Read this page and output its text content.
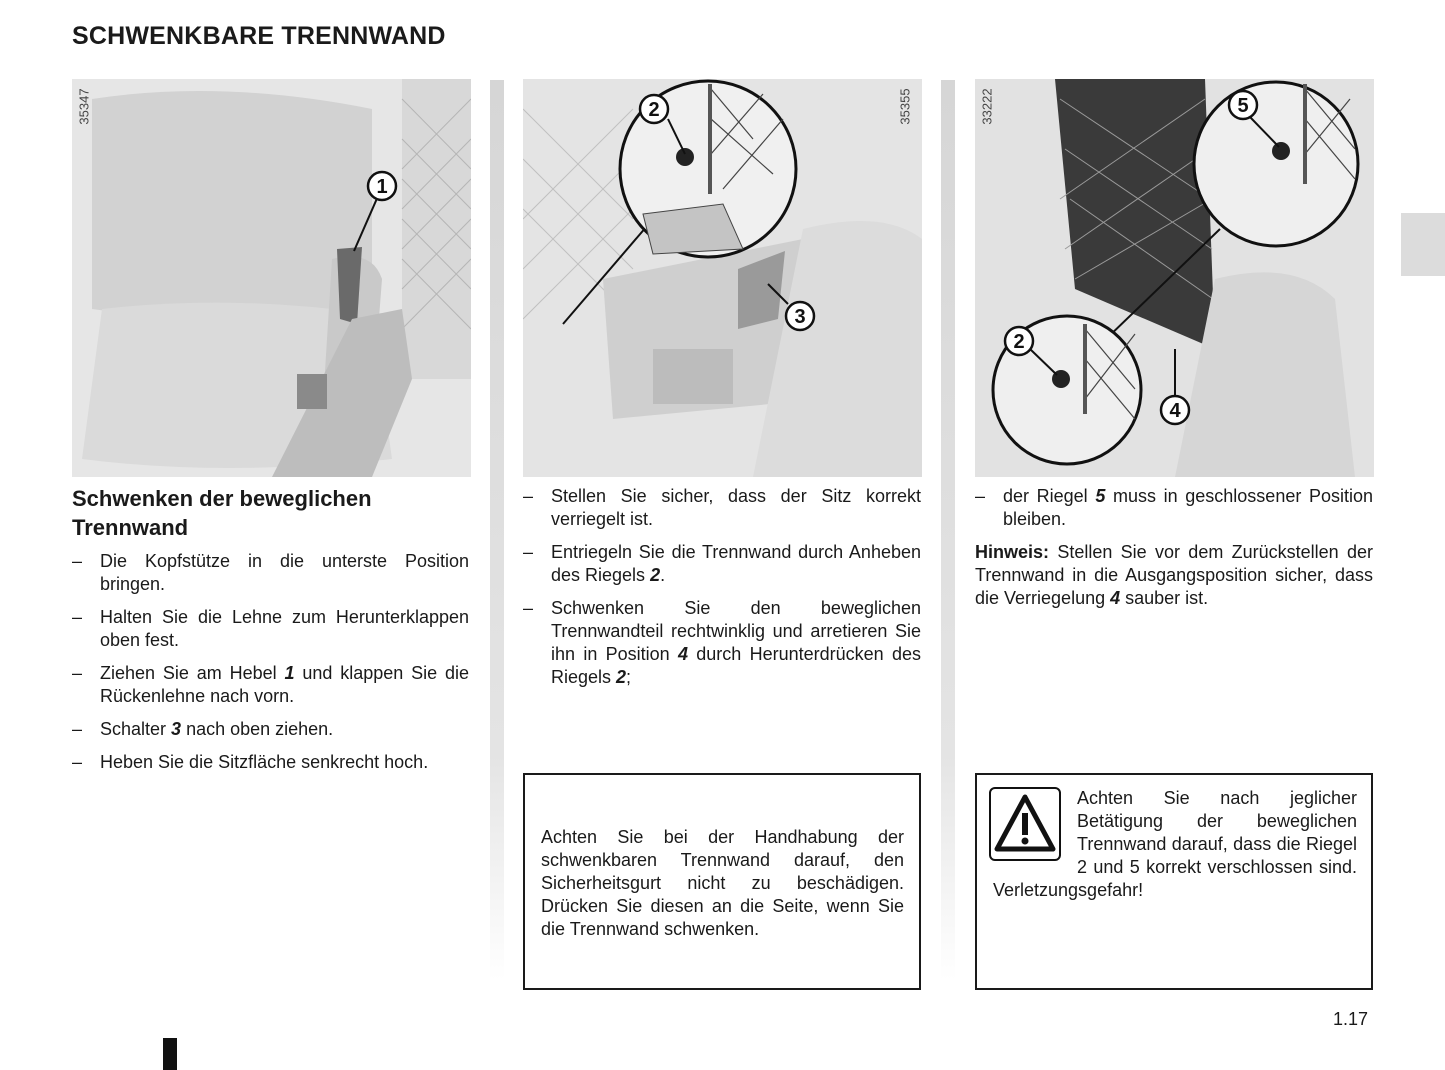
SCHWENKBARE TRENNWAND
1
35347	2
3
35355	5
2
4
33222
Schwenken der beweglichen Trennwand
– Die Kopfstütze in die unterste Position bringen.
– Halten Sie die Lehne zum Herunterklappen oben fest.
– Ziehen Sie am Hebel 1 und klappen Sie die Rückenlehne nach vorn.
– Schalter 3 nach oben ziehen.
– Heben Sie die Sitzfläche senkrecht hoch.
– Stellen Sie sicher, dass der Sitz korrekt verriegelt ist.
– Entriegeln Sie die Trennwand durch Anheben des Riegels 2.
– Schwenken Sie den beweglichen Trennwandteil rechtwinklig und arretieren Sie ihn in Position 4 durch Herunterdrücken des Riegels 2;
Achten Sie bei der Handhabung der schwenkbaren Trennwand darauf, den Sicherheitsgurt nicht zu beschädigen. Drücken Sie diesen an die Seite, wenn Sie die Trennwand schwenken.
– der Riegel 5 muss in geschlossener Position bleiben.
Hinweis: Stellen Sie vor dem Zurückstellen der Trennwand in die Ausgangsposition sicher, dass die Verriegelung 4 sauber ist.
Achten Sie nach jeglicher Betätigung der beweglichen Trennwand darauf, dass die Riegel 2 und 5 korrekt verschlossen sind. Verletzungsgefahr!
1.17
